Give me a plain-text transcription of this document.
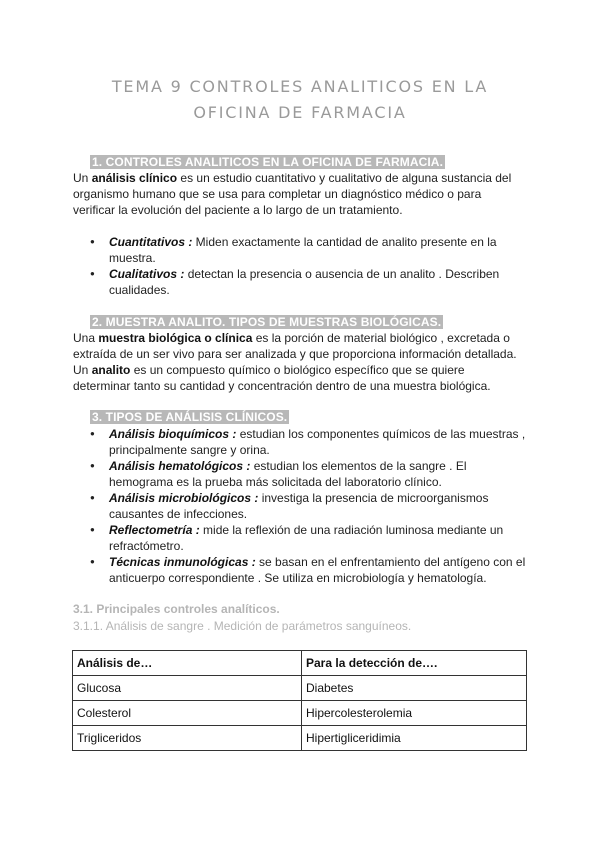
TEMA 9 CONTROLES ANALITICOS EN LA
OFICINA DE FARMACIA
1. CONTROLES ANALITICOS EN LA OFICINA DE FARMACIA.
Un análisis clínico es un estudio cuantitativo y cualitativo de alguna sustancia del organismo humano que se usa para completar un diagnóstico médico o para verificar la evolución del paciente a lo largo de un tratamiento.
● Cuantitativos : Miden exactamente la cantidad de analito presente en la muestra.
● Cualitativos : detectan la presencia o ausencia de un analito . Describen cualidades.
2. MUESTRA ANALITO. TIPOS DE MUESTRAS BIOLÓGICAS.
Una muestra biológica o clínica es la porción de material biológico , excretada o extraída de un ser vivo para ser analizada y que proporciona información detallada.
Un analito es un compuesto químico o biológico específico que se quiere determinar tanto su cantidad y concentración dentro de una muestra biológica.
3. TIPOS DE ANÁLISIS CLÍNICOS.
● Análisis bioquímicos : estudian los componentes químicos de las muestras , principalmente sangre y orina.
● Análisis hematológicos : estudian los elementos de la sangre . El hemograma es la prueba más solicitada del laboratorio clínico.
● Análisis microbiológicos : investiga la presencia de microorganismos causantes de infecciones.
● Reflectometría : mide la reflexión de una radiación luminosa mediante un refractómetro.
● Técnicas inmunológicas : se basan en el enfrentamiento del antígeno con el anticuerpo correspondiente . Se utiliza en microbiología y hematología.
3.1. Principales controles analíticos.
3.1.1. Análisis de sangre . Medición de parámetros sanguíneos.
Análisis de…	Para la detección de….
Glucosa	Diabetes
Colesterol	Hipercolesterolemia
Trigliceridos	Hipertigliceridimia
